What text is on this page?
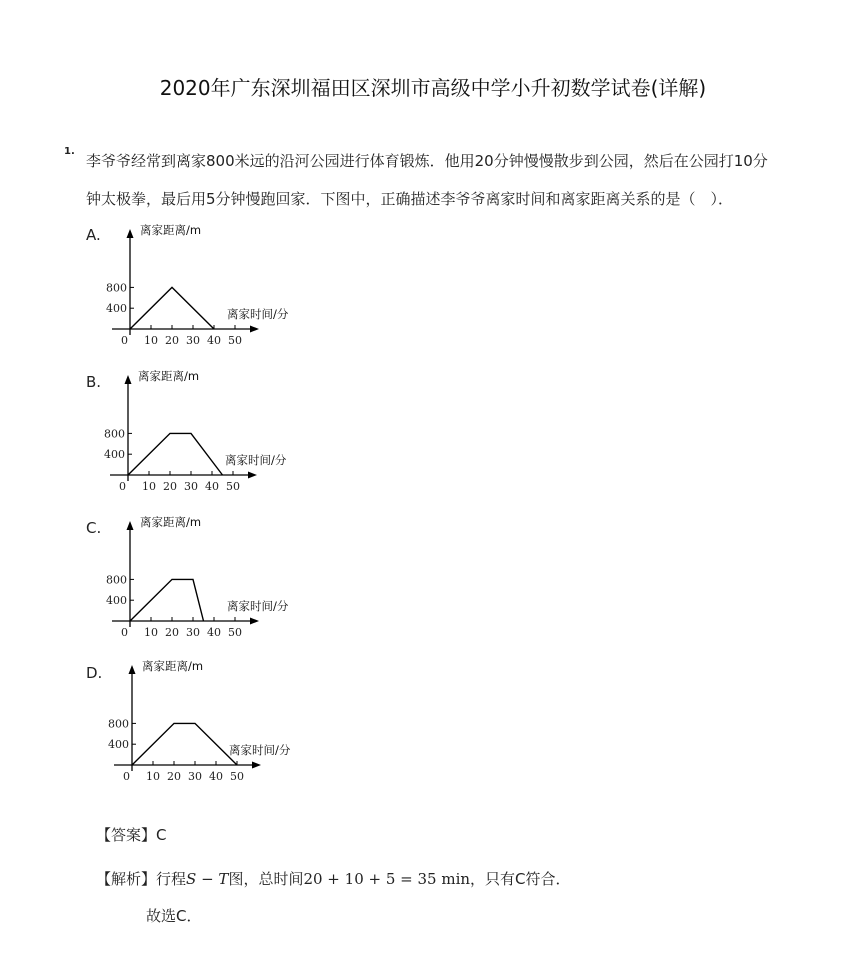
2020年广东深圳福田区深圳市高级中学小升初数学试卷(详解)
1.
李爷爷经常到离家800米远的沿河公园进行体育锻炼．他用20分钟慢慢散步到公园，然后在公园打10分
钟太极拳，最后用5分钟慢跑回家．下图中，正确描述李爷爷离家时间和离家距离关系的是（　）．
A.	离家距离/m
离家时间/分
0
400
800
10 20 30 40 50
B.	离家距离/m
离家时间/分
0
400
800
10 20 30 40 50
C.	离家距离/m
离家时间/分
0
400
800
10 20 30 40 50
D.	离家距离/m
离家时间/分
0
400
800
10 20 30 40 50
【答案】C
【解析】行程S − T图，总时间20 + 10 + 5 = 35 min，只有C符合．
故选C．
